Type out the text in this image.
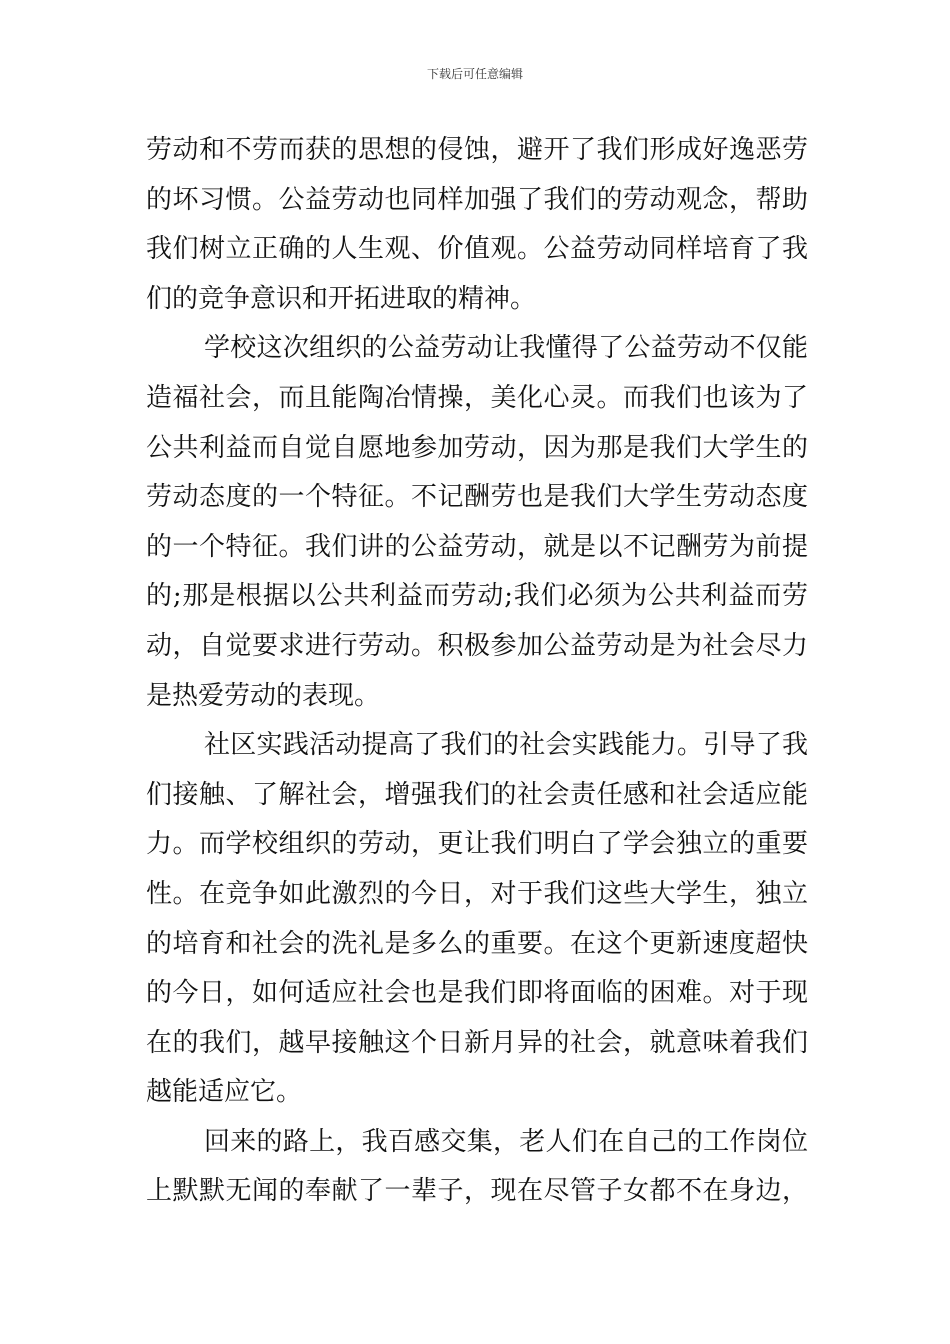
下载后可任意编辑
劳动和不劳而获的思想的侵蚀，避开了我们形成好逸恶劳
的坏习惯。公益劳动也同样加强了我们的劳动观念，帮助
我们树立正确的人生观、价值观。公益劳动同样培育了我
们的竞争意识和开拓进取的精神。
学校这次组织的公益劳动让我懂得了公益劳动不仅能
造福社会，而且能陶冶情操，美化心灵。而我们也该为了
公共利益而自觉自愿地参加劳动，因为那是我们大学生的
劳动态度的一个特征。不记酬劳也是我们大学生劳动态度
的一个特征。我们讲的公益劳动，就是以不记酬劳为前提
的;那是根据以公共利益而劳动;我们必须为公共利益而劳
动，自觉要求进行劳动。积极参加公益劳动是为社会尽力
是热爱劳动的表现。
社区实践活动提高了我们的社会实践能力。引导了我
们接触、了解社会，增强我们的社会责任感和社会适应能
力。而学校组织的劳动，更让我们明白了学会独立的重要
性。在竞争如此激烈的今日，对于我们这些大学生，独立
的培育和社会的洗礼是多么的重要。在这个更新速度超快
的今日，如何适应社会也是我们即将面临的困难。对于现
在的我们，越早接触这个日新月异的社会，就意味着我们
越能适应它。
回来的路上，我百感交集，老人们在自己的工作岗位
上默默无闻的奉献了一辈子，现在尽管子女都不在身边，
